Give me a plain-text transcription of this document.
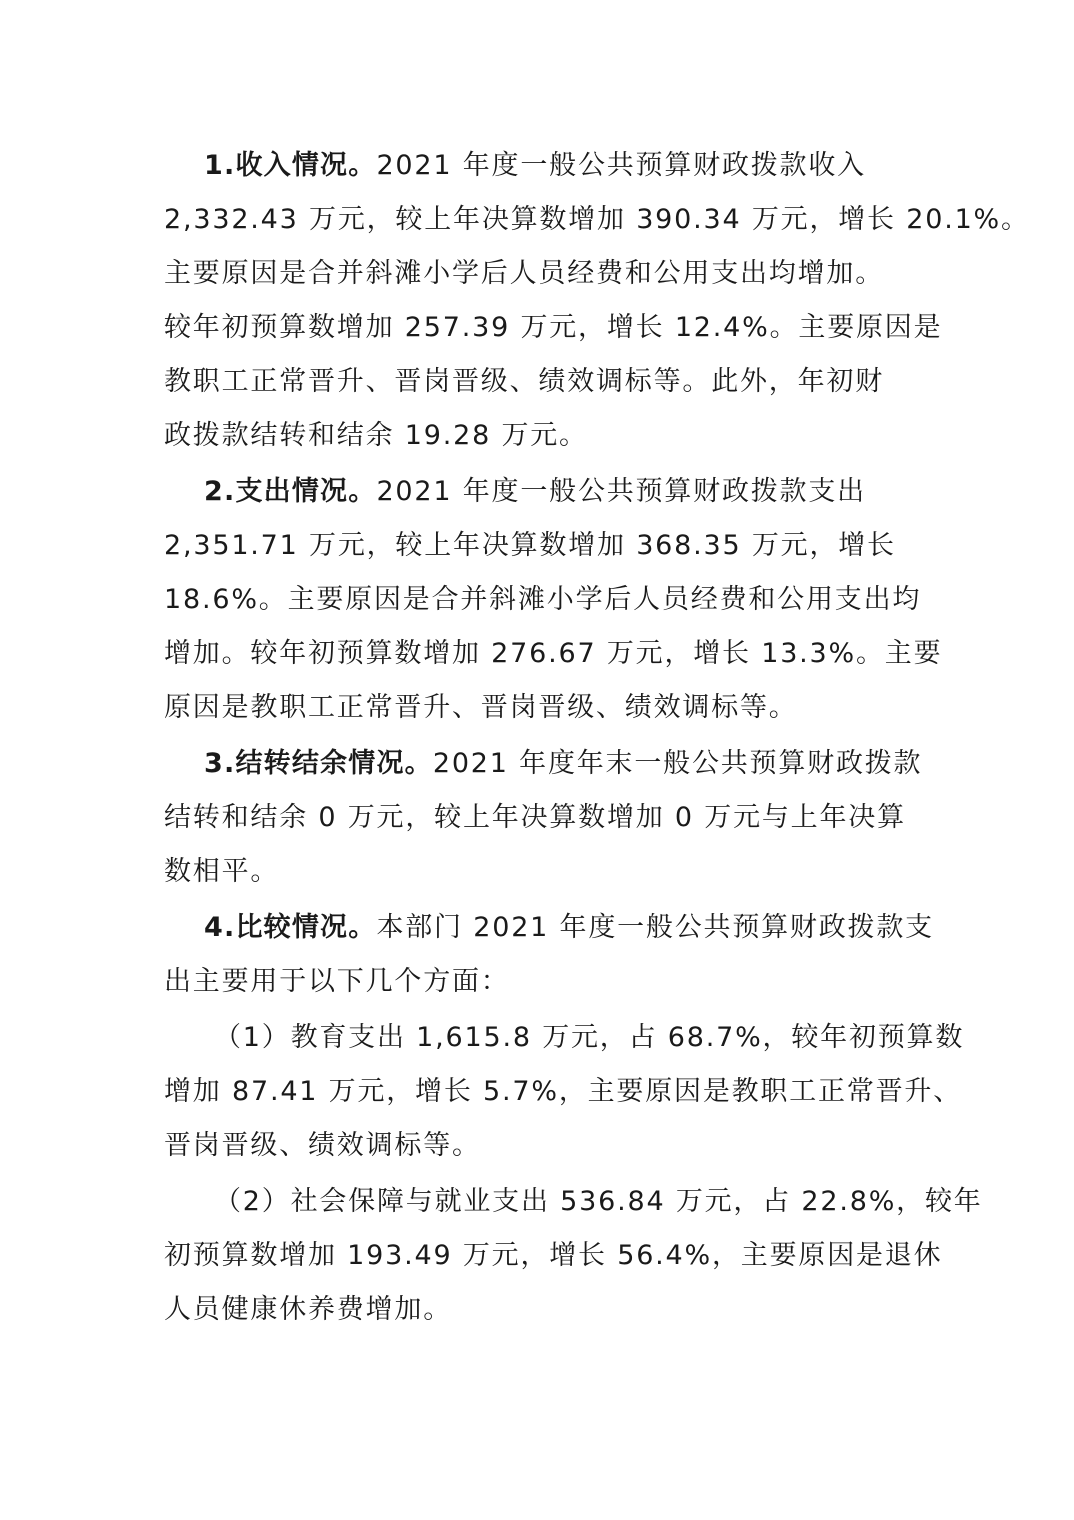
1.收入情况。2021 年度一般公共预算财政拨款收入
2,332.43 万元，较上年决算数增加 390.34 万元，增长 20.1%。
主要原因是合并斜滩小学后人员经费和公用支出均增加。
较年初预算数增加 257.39 万元，增长 12.4%。主要原因是
教职工正常晋升、晋岗晋级、绩效调标等。此外，年初财
政拨款结转和结余 19.28 万元。
2.支出情况。2021 年度一般公共预算财政拨款支出
2,351.71 万元，较上年决算数增加 368.35 万元，增长
18.6%。主要原因是合并斜滩小学后人员经费和公用支出均
增加。较年初预算数增加 276.67 万元，增长 13.3%。主要
原因是教职工正常晋升、晋岗晋级、绩效调标等。
3.结转结余情况。2021 年度年末一般公共预算财政拨款
结转和结余 0 万元，较上年决算数增加 0 万元与上年决算
数相平。
4.比较情况。本部门 2021 年度一般公共预算财政拨款支
出主要用于以下几个方面：
（1）教育支出 1,615.8 万元，占 68.7%，较年初预算数
增加 87.41 万元，增长 5.7%，主要原因是教职工正常晋升、
晋岗晋级、绩效调标等。
（2）社会保障与就业支出 536.84 万元，占 22.8%，较年
初预算数增加 193.49 万元，增长 56.4%，主要原因是退休
人员健康休养费增加。
